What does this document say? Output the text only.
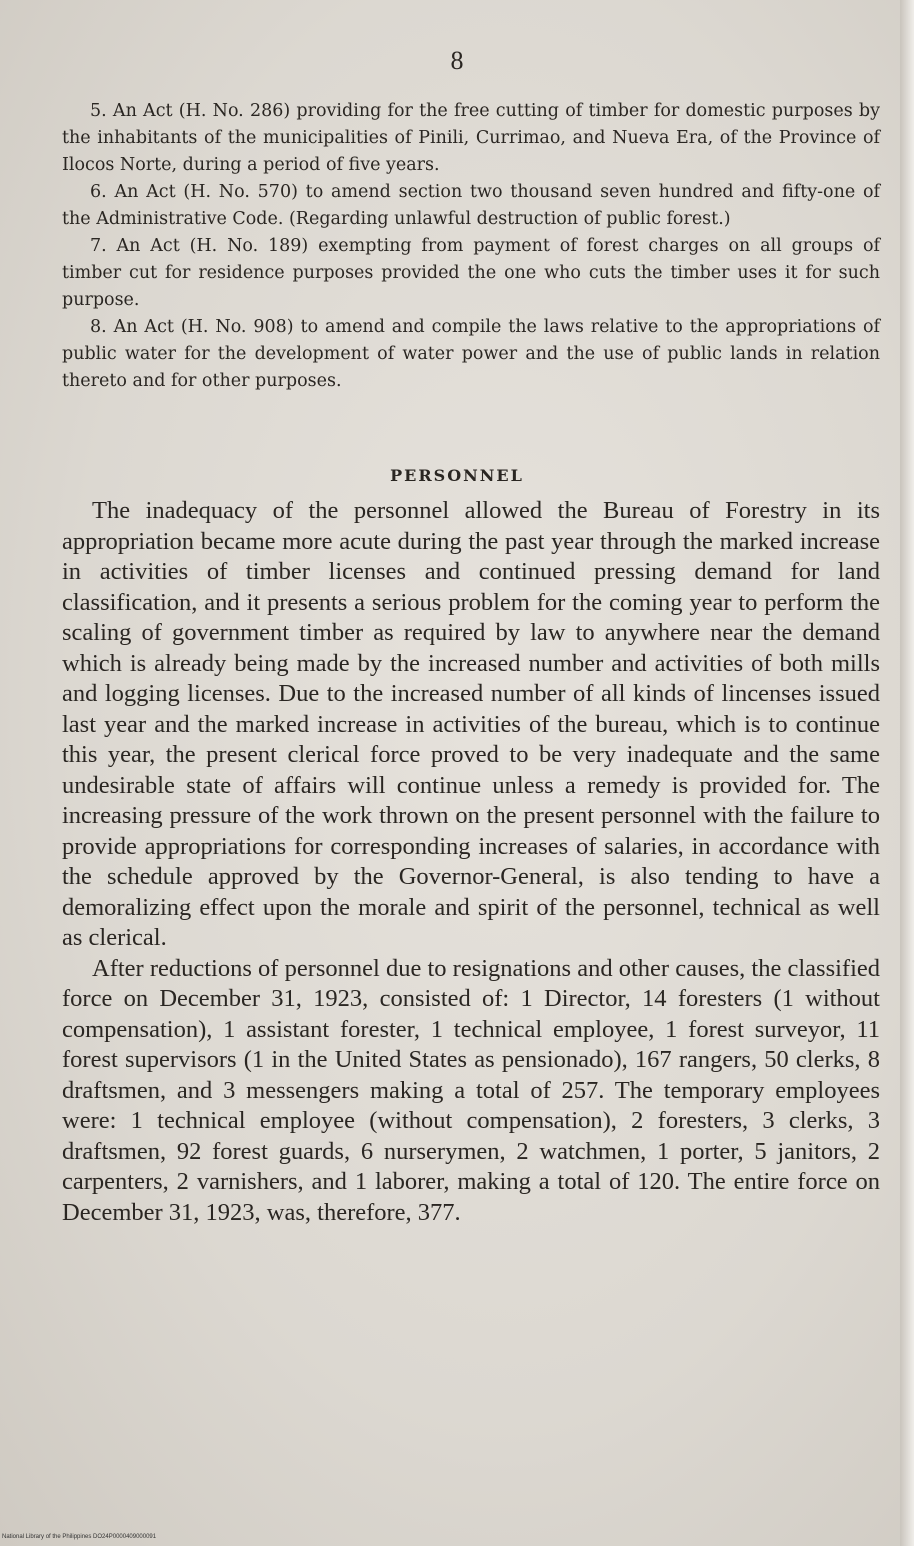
8

5. An Act (H. No. 286) providing for the free cutting of timber for domestic purposes by the inhabitants of the municipalities of Pinili, Currimao, and Nueva Era, of the Province of Ilocos Norte, during a period of five years.

6. An Act (H. No. 570) to amend section two thousand seven hundred and fifty-one of the Administrative Code. (Regarding unlawful destruction of public forest.)

7. An Act (H. No. 189) exempting from payment of forest charges on all groups of timber cut for residence purposes provided the one who cuts the timber uses it for such purpose.

8. An Act (H. No. 908) to amend and compile the laws relative to the appropriations of public water for the development of water power and the use of public lands in relation thereto and for other purposes.

PERSONNEL

The inadequacy of the personnel allowed the Bureau of Forestry in its appropriation became more acute during the past year through the marked increase in activities of timber licenses and continued pressing demand for land classification, and it presents a serious problem for the coming year to perform the scaling of government timber as required by law to anywhere near the demand which is already being made by the increased number and activities of both mills and logging licenses. Due to the increased number of all kinds of lincenses issued last year and the marked increase in activities of the bureau, which is to continue this year, the present clerical force proved to be very inadequate and the same undesirable state of affairs will continue unless a remedy is provided for. The increasing pressure of the work thrown on the present personnel with the failure to provide appropriations for corresponding increases of salaries, in accordance with the schedule approved by the Governor-General, is also tending to have a demoralizing effect upon the morale and spirit of the personnel, technical as well as clerical.

After reductions of personnel due to resignations and other causes, the classified force on December 31, 1923, consisted of: 1 Director, 14 foresters (1 without compensation), 1 assistant forester, 1 technical employee, 1 forest surveyor, 11 forest supervisors (1 in the United States as pensionado), 167 rangers, 50 clerks, 8 draftsmen, and 3 messengers making a total of 257. The temporary employees were: 1 technical employee (without compensation), 2 foresters, 3 clerks, 3 draftsmen, 92 forest guards, 6 nurserymen, 2 watchmen, 1 porter, 5 janitors, 2 carpenters, 2 varnishers, and 1 laborer, making a total of 120. The entire force on December 31, 1923, was, therefore, 377.

National Library of the Philippines DO24P0000409000091
